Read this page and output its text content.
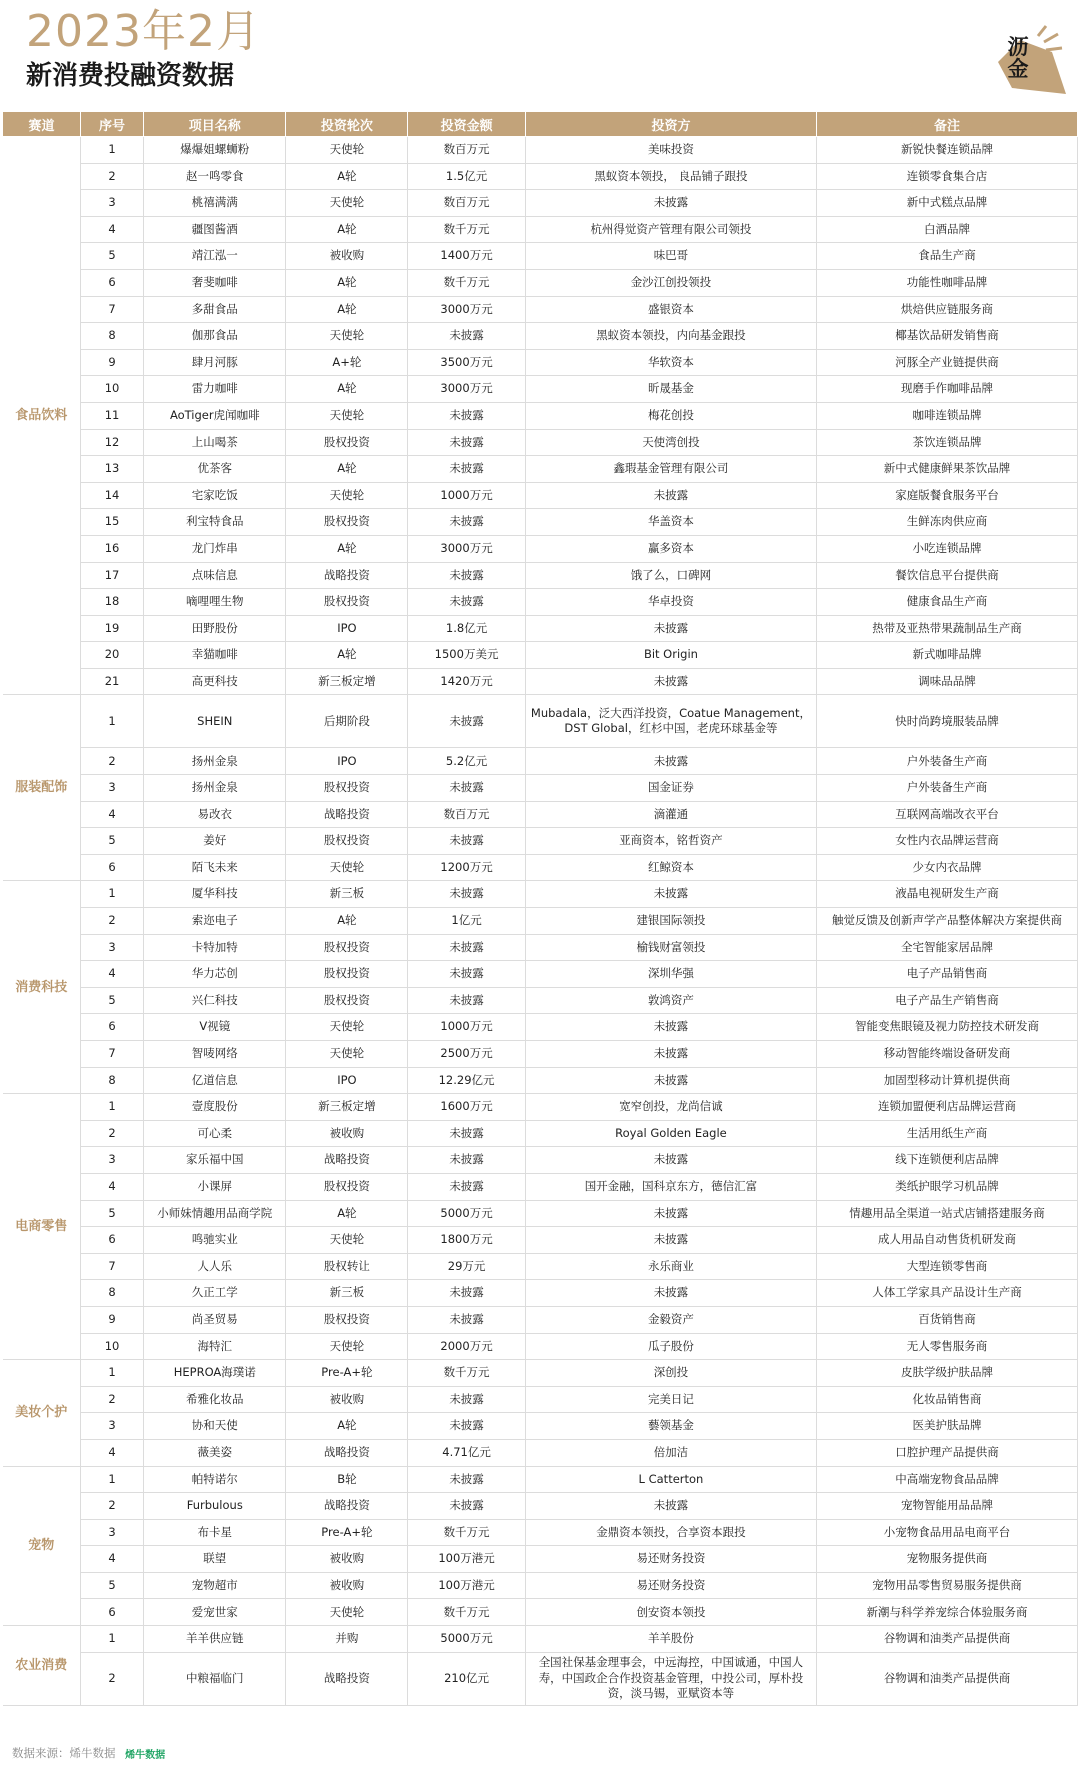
2023年2月
新消费投融资数据
沥金
赛道	序号	项目名称	投资轮次	投资金额	投资方	备注
食品饮料	1	爆爆姐螺蛳粉	天使轮	数百万元	美味投资	新锐快餐连锁品牌
	2	赵一鸣零食	A轮	1.5亿元	黑蚁资本领投， 良品铺子跟投	连锁零食集合店
	3	桃禧满满	天使轮	数百万元	未披露	新中式糕点品牌
	4	疆图酱酒	A轮	数千万元	杭州得觉资产管理有限公司领投	白酒品牌
	5	靖江泓一	被收购	1400万元	味巴哥	食品生产商
	6	奢斐咖啡	A轮	数千万元	金沙江创投领投	功能性咖啡品牌
	7	多甜食品	A轮	3000万元	盛银资本	烘焙供应链服务商
	8	伽那食品	天使轮	未披露	黑蚁资本领投，内向基金跟投	椰基饮品研发销售商
	9	肆月河豚	A+轮	3500万元	华软资本	河豚全产业链提供商
	10	雷力咖啡	A轮	3000万元	昕晟基金	现磨手作咖啡品牌
	11	AoTiger虎闻咖啡	天使轮	未披露	梅花创投	咖啡连锁品牌
	12	上山喝茶	股权投资	未披露	天使湾创投	茶饮连锁品牌
	13	优茶客	A轮	未披露	鑫瑕基金管理有限公司	新中式健康鲜果茶饮品牌
	14	宅家吃饭	天使轮	1000万元	未披露	家庭版餐食服务平台
	15	利宝特食品	股权投资	未披露	华盖资本	生鲜冻肉供应商
	16	龙门炸串	A轮	3000万元	赢多资本	小吃连锁品牌
	17	点味信息	战略投资	未披露	饿了么，口碑网	餐饮信息平台提供商
	18	嘀哩哩生物	股权投资	未披露	华卓投资	健康食品生产商
	19	田野股份	IPO	1.8亿元	未披露	热带及亚热带果蔬制品生产商
	20	幸猫咖啡	A轮	1500万美元	Bit Origin	新式咖啡品牌
	21	高更科技	新三板定增	1420万元	未披露	调味品品牌
服装配饰	1	SHEIN	后期阶段	未披露	Mubadala，泛大西洋投资，Coatue Management，DST Global，红杉中国，老虎环球基金等	快时尚跨境服装品牌
	2	扬州金泉	IPO	5.2亿元	未披露	户外装备生产商
	3	扬州金泉	股权投资	未披露	国金证券	户外装备生产商
	4	易改衣	战略投资	数百万元	滴灌通	互联网高端改衣平台
	5	姜好	股权投资	未披露	亚商资本，铭哲资产	女性内衣品牌运营商
	6	陌飞未来	天使轮	1200万元	红鲸资本	少女内衣品牌
消费科技	1	厦华科技	新三板	未披露	未披露	液晶电视研发生产商
	2	索迩电子	A轮	1亿元	建银国际领投	触觉反馈及创新声学产品整体解决方案提供商
	3	卡特加特	股权投资	未披露	榆钱财富领投	全宅智能家居品牌
	4	华力芯创	股权投资	未披露	深圳华强	电子产品销售商
	5	兴仁科技	股权投资	未披露	敦鸿资产	电子产品生产销售商
	6	V视镜	天使轮	1000万元	未披露	智能变焦眼镜及视力防控技术研发商
	7	智唛网络	天使轮	2500万元	未披露	移动智能终端设备研发商
	8	亿道信息	IPO	12.29亿元	未披露	加固型移动计算机提供商
电商零售	1	壹度股份	新三板定增	1600万元	宽窄创投，龙尚信诚	连锁加盟便利店品牌运营商
	2	可心柔	被收购	未披露	Royal Golden Eagle	生活用纸生产商
	3	家乐福中国	战略投资	未披露	未披露	线下连锁便利店品牌
	4	小课屏	股权投资	未披露	国开金融，国科京东方，德信汇富	类纸护眼学习机品牌
	5	小师妹情趣用品商学院	A轮	5000万元	未披露	情趣用品全渠道一站式店铺搭建服务商
	6	鸣驰实业	天使轮	1800万元	未披露	成人用品自动售货机研发商
	7	人人乐	股权转让	29万元	永乐商业	大型连锁零售商
	8	久正工学	新三板	未披露	未披露	人体工学家具产品设计生产商
	9	尚圣贸易	股权投资	未披露	金毅资产	百货销售商
	10	海特汇	天使轮	2000万元	瓜子股份	无人零售服务商
美妆个护	1	HEPROA海璞诺	Pre-A+轮	数千万元	深创投	皮肤学级护肤品牌
	2	希雅化妆品	被收购	未披露	完美日记	化妆品销售商
	3	协和天使	A轮	未披露	藝领基金	医美护肤品牌
	4	薇美姿	战略投资	4.71亿元	倍加洁	口腔护理产品提供商
宠物	1	帕特诺尔	B轮	未披露	L Catterton	中高端宠物食品品牌
	2	Furbulous	战略投资	未披露	未披露	宠物智能用品品牌
	3	布卡星	Pre-A+轮	数千万元	金鼎资本领投，合享资本跟投	小宠物食品用品电商平台
	4	联望	被收购	100万港元	易还财务投资	宠物服务提供商
	5	宠物超市	被收购	100万港元	易还财务投资	宠物用品零售贸易服务提供商
	6	爱宠世家	天使轮	数千万元	创安资本领投	新潮与科学养宠综合体验服务商
农业消费	1	羊羊供应链	并购	5000万元	羊羊股份	谷物调和油类产品提供商
	2	中粮福临门	战略投资	210亿元	全国社保基金理事会，中远海控，中国诚通，中国人寿，中国政企合作投资基金管理，中投公司，厚朴投资，淡马锡，亚赋资本等	谷物调和油类产品提供商
数据来源：烯牛数据 烯牛数据
